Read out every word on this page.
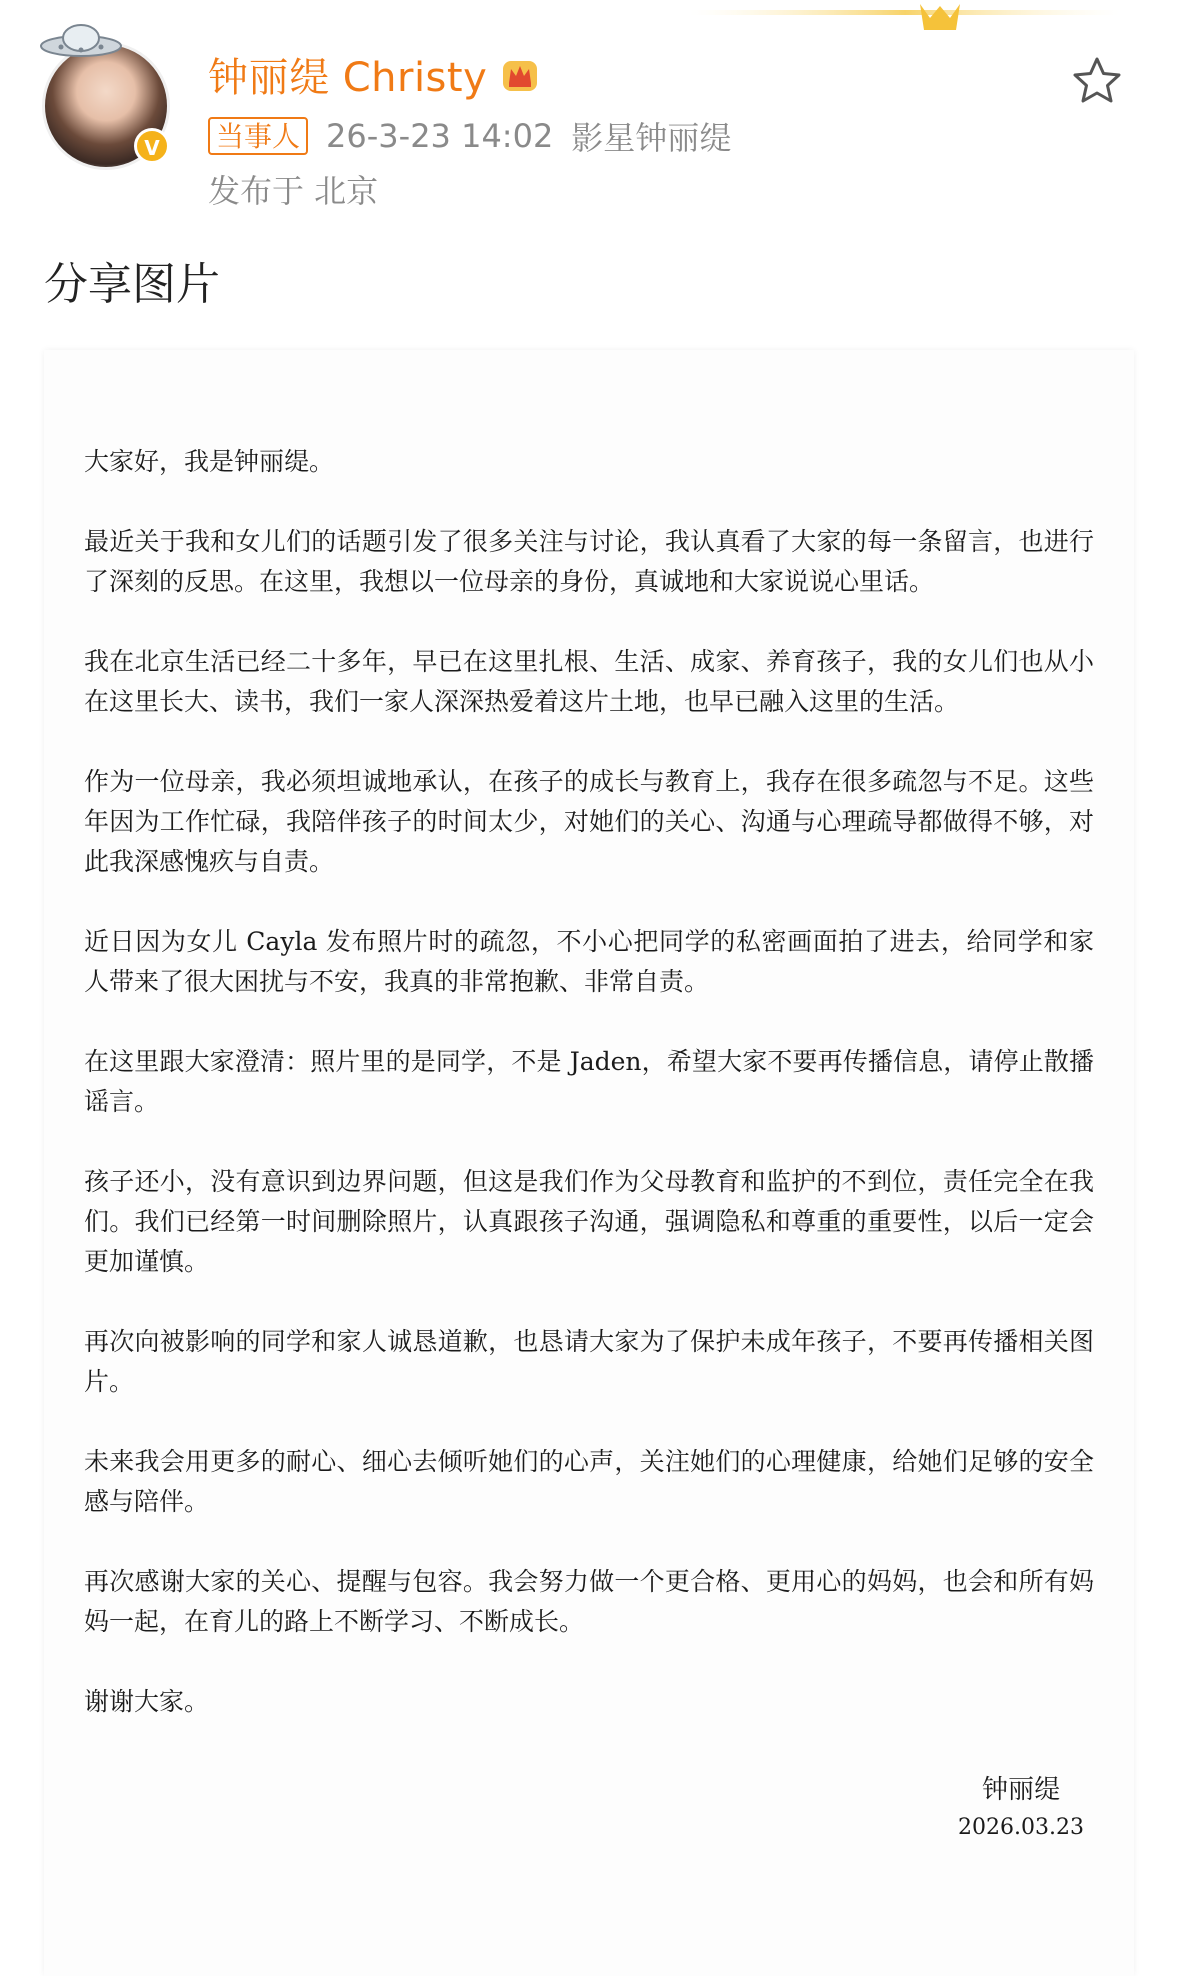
V
钟丽缇 Christy
当事人 26-3-23 14:02 影星钟丽缇
发布于 北京
分享图片

大家好，我是钟丽缇。

最近关于我和女儿们的话题引发了很多关注与讨论，我认真看了大家的每一条留言，也进行了深刻的反思。在这里，我想以一位母亲的身份，真诚地和大家说说心里话。

我在北京生活已经二十多年，早已在这里扎根、生活、成家、养育孩子，我的女儿们也从小在这里长大、读书，我们一家人深深热爱着这片土地，也早已融入这里的生活。

作为一位母亲，我必须坦诚地承认，在孩子的成长与教育上，我存在很多疏忽与不足。这些年因为工作忙碌，我陪伴孩子的时间太少，对她们的关心、沟通与心理疏导都做得不够，对此我深感愧疚与自责。

近日因为女儿 Cayla 发布照片时的疏忽，不小心把同学的私密画面拍了进去，给同学和家人带来了很大困扰与不安，我真的非常抱歉、非常自责。

在这里跟大家澄清：照片里的是同学，不是 Jaden，希望大家不要再传播信息，请停止散播谣言。

孩子还小，没有意识到边界问题，但这是我们作为父母教育和监护的不到位，责任完全在我们。我们已经第一时间删除照片，认真跟孩子沟通，强调隐私和尊重的重要性，以后一定会更加谨慎。

再次向被影响的同学和家人诚恳道歉，也恳请大家为了保护未成年孩子，不要再传播相关图片。

未来我会用更多的耐心、细心去倾听她们的心声，关注她们的心理健康，给她们足够的安全感与陪伴。

再次感谢大家的关心、提醒与包容。我会努力做一个更合格、更用心的妈妈，也会和所有妈妈一起，在育儿的路上不断学习、不断成长。

谢谢大家。

钟丽缇
2026.03.23
